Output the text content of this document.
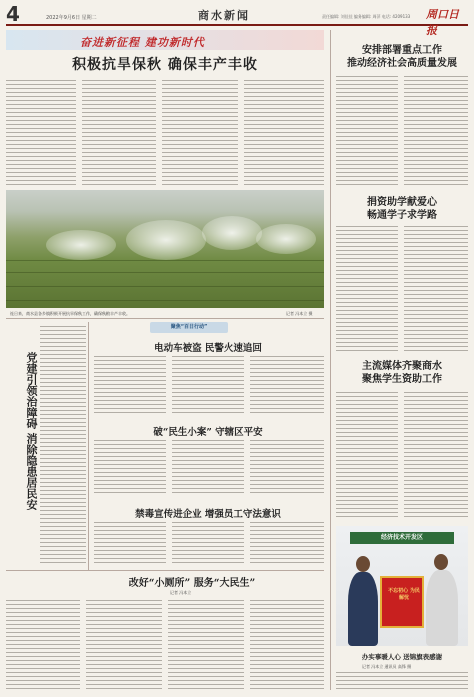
4	2022年9月6日 星期二	商水新闻	责任编辑: 刘佳佳 编务编辑: 周萍 电话: 4209133 周口日报
奋进新征程 建功新时代
积极抗旱保秋 确保丰产丰收
连日来，商水县各乡镇积极开展抗旱保秋工作，确保秋粮丰产丰收。	记者 冯本立 摄
安排部署重点工作
推动经济社会高质量发展
捐资助学献爱心
畅通学子求学路
主流媒体齐聚商水
聚焦学生资助工作
党建引领治障碍 消除隐患居民安
聚焦“百日行动”
电动车被盗 民警火速追回
破“民生小案” 守辖区平安
禁毒宣传进企业 增强员工守法意识
改好“小厕所” 服务“大民生”
记者 冯本立
经济技术开发区
不忘初心 为民解忧
办实事暖人心 送锦旗表感谢
记者 冯本立 通讯员 高锋 摄
